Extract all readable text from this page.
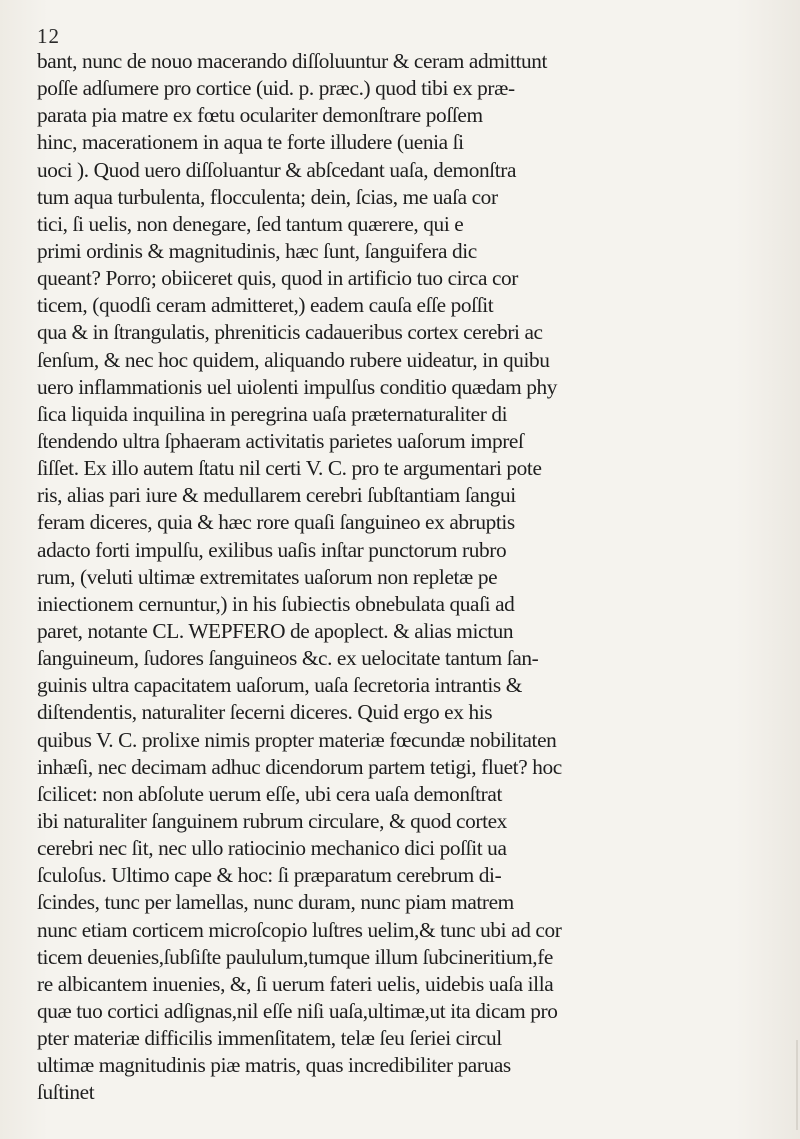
12
bant, nunc de nouo macerando diſſoluuntur & ceram admittunt
poſſe adſumere pro cortice (uid. p. præc.) quod tibi ex præ-
parata pia matre ex fœtu oculariter demonſtrare poſſem
hinc, macerationem in aqua te forte illudere (uenia ſi
uoci ). Quod uero diſſoluantur & abſcedant uaſa, demonſtra
tum aqua turbulenta, flocculenta; dein, ſcias, me uaſa cor
tici, ſi uelis, non denegare, ſed tantum quærere, qui e
primi ordinis & magnitudinis, hæc ſunt, ſanguifera dic
queant? Porro; obiiceret quis, quod in artificio tuo circa cor
ticem, (quodſi ceram admitteret,) eadem cauſa eſſe poſſit
qua & in ſtrangulatis, phreniticis cadaueribus cortex cerebri ac
ſenſum, & nec hoc quidem, aliquando rubere uideatur, in quibu
uero inflammationis uel uiolenti impulſus conditio quædam phy
ſica liquida inquilina in peregrina uaſa præternaturaliter di
ſtendendo ultra ſphaeram activitatis parietes uaſorum impreſ
ſiſſet. Ex illo autem ſtatu nil certi V. C. pro te argumentari pote
ris, alias pari iure & medullarem cerebri ſubſtantiam ſangui
feram diceres, quia & hæc rore quaſi ſanguineo ex abruptis
adacto forti impulſu, exilibus uaſis inſtar punctorum rubro
rum, (veluti ultimæ extremitates uaſorum non repletæ pe
iniectionem cernuntur,) in his ſubiectis obnebulata quaſi ad
paret, notante CL. WEPFERO de apoplect. & alias mictun
ſanguineum, ſudores ſanguineos &c. ex uelocitate tantum ſan-
guinis ultra capacitatem uaſorum, uaſa ſecretoria intrantis &
diſtendentis, naturaliter ſecerni diceres. Quid ergo ex his
quibus V. C. prolixe nimis propter materiæ fœcundæ nobilitaten
inhæſi, nec decimam adhuc dicendorum partem tetigi, fluet? hoc
ſcilicet: non abſolute uerum eſſe, ubi cera uaſa demonſtrat
ibi naturaliter ſanguinem rubrum circulare, & quod cortex
cerebri nec ſit, nec ullo ratiocinio mechanico dici poſſit ua
ſculoſus. Ultimo cape & hoc: ſi præparatum cerebrum di-
ſcindes, tunc per lamellas, nunc duram, nunc piam matrem
nunc etiam corticem microſcopio luſtres uelim,& tunc ubi ad cor
ticem deuenies,ſubſiſte paululum,tumque illum ſubcineritium,fe
re albicantem inuenies, &, ſi uerum fateri uelis, uidebis uaſa illa
quæ tuo cortici adſignas,nil eſſe niſi uaſa,ultimæ,ut ita dicam pro
pter materiæ difficilis immenſitatem, telæ ſeu ſeriei circul
ultimæ magnitudinis piæ matris, quas incredibiliter paruas
ſuſtinet
